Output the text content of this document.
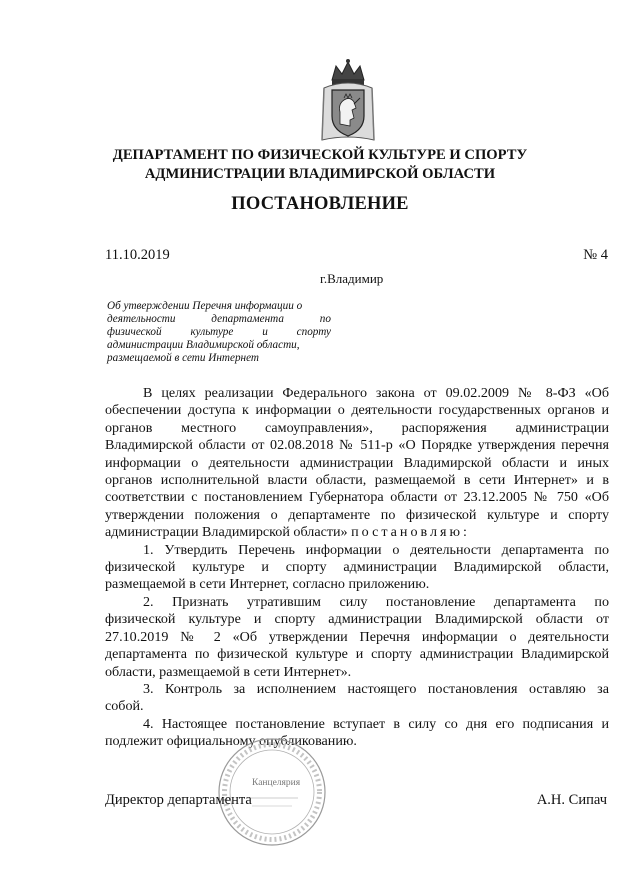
ДЕПАРТАМЕНТ ПО ФИЗИЧЕСКОЙ КУЛЬТУРЕ И СПОРТУ
АДМИНИСТРАЦИИ ВЛАДИМИРСКОЙ ОБЛАСТИ
ПОСТАНОВЛЕНИЕ
11.10.2019	№ 4
г.Владимир
Об утверждении Перечня информации о
деятельности департамента по
физической культуре и спорту
администрации Владимирской области,
размещаемой в сети Интернет
В целях реализации Федерального закона от 09.02.2009 № 8-ФЗ «Об
обеспечении доступа к информации о деятельности государственных органов и
органов местного самоуправления», распоряжения администрации
Владимирской области от 02.08.2018 № 511-р «О Порядке утверждения перечня
информации о деятельности администрации Владимирской области и иных
органов исполнительной власти области, размещаемой в сети Интернет» и в
соответствии с постановлением Губернатора области от 23.12.2005 № 750 «Об
утверждении положения о департаменте по физической культуре и спорту
администрации Владимирской области» постановляю:
1. Утвердить Перечень информации о деятельности департамента по
физической культуре и спорту администрации Владимирской области,
размещаемой в сети Интернет, согласно приложению.
2. Признать утратившим силу постановление департамента по
физической культуре и спорту администрации Владимирской области от
27.10.2019 № 2 «Об утверждении Перечня информации о деятельности
департамента по физической культуре и спорту администрации Владимирской
области, размещаемой в сети Интернет».
3. Контроль за исполнением настоящего постановления оставляю за
собой.
4. Настоящее постановление вступает в силу со дня его подписания и
подлежит официальному опубликованию.
Канцелярия
Директор департамента	А.Н. Сипач
